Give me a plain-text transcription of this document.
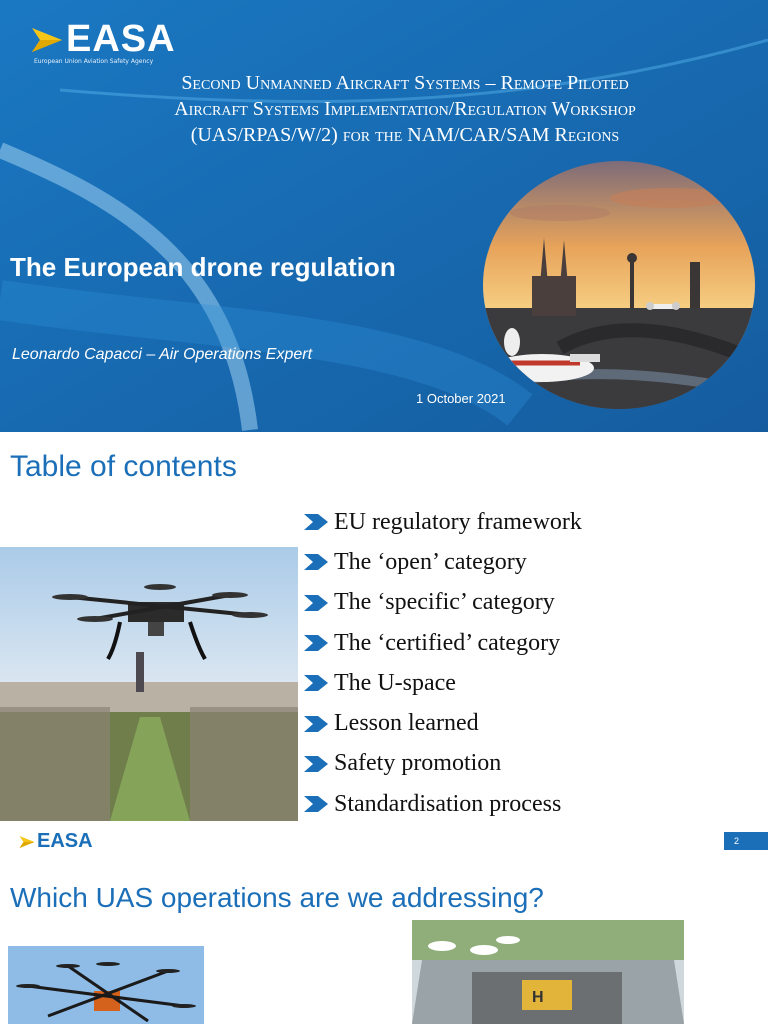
EASA
European Union Aviation Safety Agency
Second Unmanned Aircraft Systems – Remote Piloted
Aircraft Systems Implementation/Regulation Workshop
(UAS/RPAS/W/2) for the NAM/CAR/SAM Regions
The European drone regulation
Leonardo Capacci – Air Operations Expert
1 October 2021
Table of contents
EU regulatory framework
The ‘open’ category
The ‘specific’ category
The ‘certified’ category
The U-space
Lesson learned
Safety promotion
Standardisation process
EASA	2
Which UAS operations are we addressing?
H
